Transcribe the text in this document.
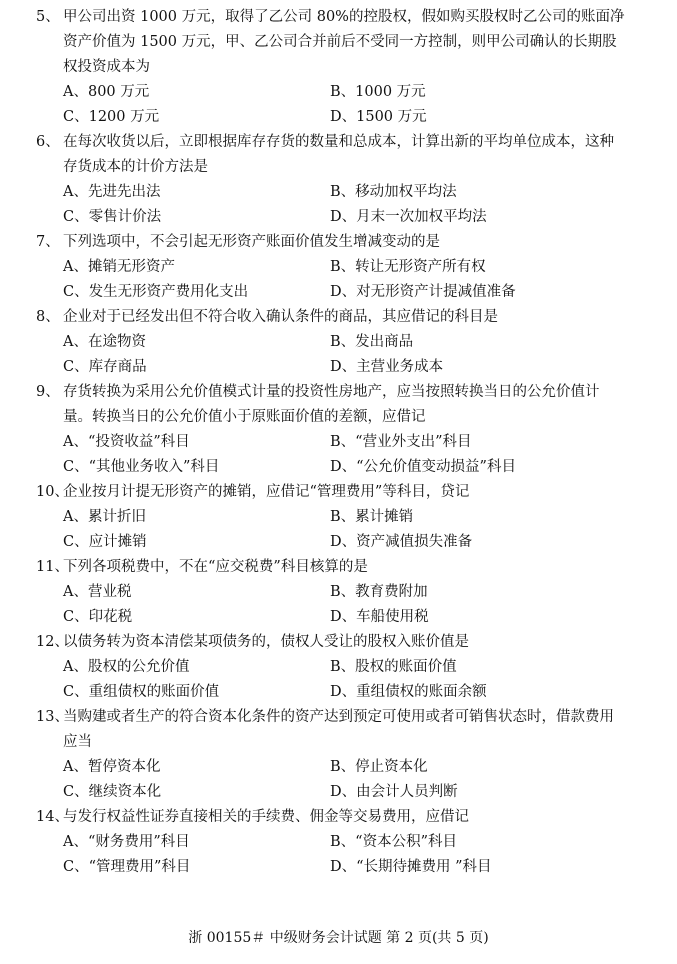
5、 甲公司出资 1000 万元，取得了乙公司 80%的控股权，假如购买股权时乙公司的账面净
资产价值为 1500 万元，甲、乙公司合并前后不受同一方控制，则甲公司确认的长期股
权投资成本为
A、800 万元	B、1000 万元
C、1200 万元	D、1500 万元
6、 在每次收货以后，立即根据库存存货的数量和总成本，计算出新的平均单位成本，这种
存货成本的计价方法是
A、先进先出法	B、移动加权平均法
C、零售计价法	D、月末一次加权平均法
7、 下列选项中，不会引起无形资产账面价值发生增减变动的是
A、摊销无形资产	B、转让无形资产所有权
C、发生无形资产费用化支出	D、对无形资产计提减值准备
8、 企业对于已经发出但不符合收入确认条件的商品，其应借记的科目是
A、在途物资	B、发出商品
C、库存商品	D、主营业务成本
9、 存货转换为采用公允价值模式计量的投资性房地产，应当按照转换当日的公允价值计
量。转换当日的公允价值小于原账面价值的差额，应借记
A、“投资收益”科目	B、“营业外支出”科目
C、“其他业务收入”科目	D、“公允价值变动损益”科目
10、
企业按月计提无形资产的摊销，应借记“管理费用”等科目，贷记
A、累计折旧	B、累计摊销
C、应计摊销	D、资产减值损失准备
11、
下列各项税费中，不在“应交税费”科目核算的是
A、营业税	B、教育费附加
C、印花税	D、车船使用税
12、
以债务转为资本清偿某项债务的，债权人受让的股权入账价值是
A、股权的公允价值	B、股权的账面价值
C、重组债权的账面价值	D、重组债权的账面余额
13、
当购建或者生产的符合资本化条件的资产达到预定可使用或者可销售状态时，借款费用
应当
A、暂停资本化	B、停止资本化
C、继续资本化	D、由会计人员判断
14、
与发行权益性证券直接相关的手续费、佣金等交易费用，应借记
A、“财务费用”科目	B、“资本公积”科目
C、“管理费用”科目	D、“长期待摊费用 ”科目
浙 00155＃ 中级财务会计试题 第 2 页(共 5 页)
